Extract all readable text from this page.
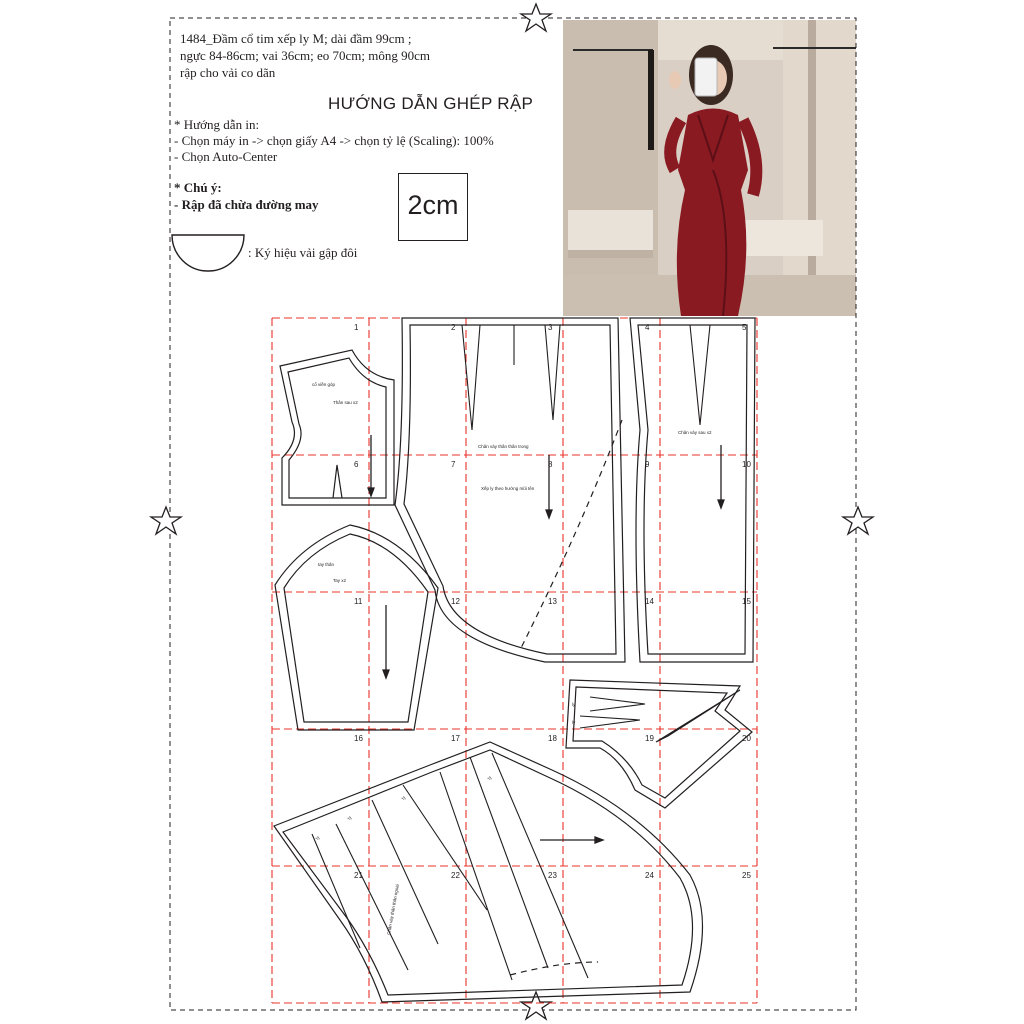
1484_Đầm cổ tim xếp ly M; dài đầm 99cm ;
ngực 84-86cm; vai 36cm; eo 70cm; mông 90cm
rập cho vải co dãn
HƯỚNG DẪN GHÉP RẬP
* Hướng dẫn in:
- Chọn máy in -> chọn giấy A4 -> chọn tỷ lệ (Scaling): 100%
- Chọn Auto-Center
* Chú ý:
- Rập đã chừa đường may	2cm
: Ký hiệu vải gập đôi
1	2	3	4	5
6	7	8	9	10
11	12	13	14	15
16	17	18	19	20
21	22	23	24	25
cổ viền góp
Thân sau x2
tay thân
Tay x2
Chân váy thân thân trong
Xếp ly theo hướng mũi tên
Chân váy sau x2
ly
ly
Chân váy thân thân ngoài
ly
ly
ly
ly
